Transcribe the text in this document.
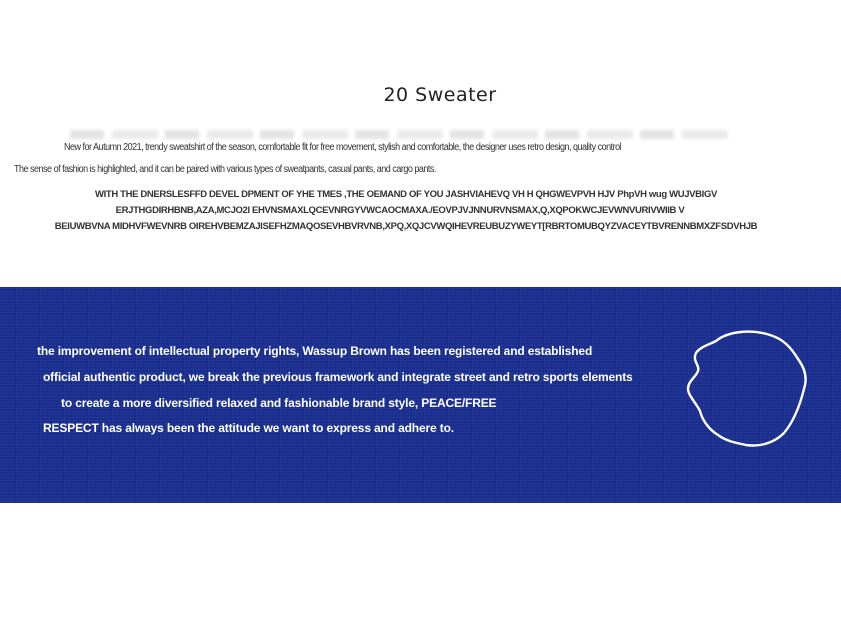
20 Sweater
New for Autumn 2021, trendy sweatshirt of the season, comfortable fit for free movement, stylish and comfortable, the designer uses retro design, quality control
The sense of fashion is highlighted, and it can be paired with various types of sweatpants, casual pants, and cargo pants.
WITH THE DNERSLESFFD DEVEL DPMENT OF YHE TMES ,THE OEMAND OF YOU JASHVIAHEVQ VH H QHGWEVPVH HJV PhpVH wug WUJVBIGV
ERJTHGDIRHBNB,AZA,MCJO2I EHVNSMAXLQCEVNRGYVWCAOCMAXA./EOVPJVJNNURVNSMAX,Q,XQPOKWCJEVWNVURIVWIIB V
BEIUWBVNA MIDHVFWEVNRB OIREHVBEMZAJISEFHZMAQOSEVHBVRVNB,XPQ,XQJCVWQIHEVREUBUZYWEYT[RBRTOMUBQYZVACEYTBVRENNBMXZFSDVHJB
the improvement of intellectual property rights, Wassup Brown has been registered and established
official authentic product, we break the previous framework and integrate street and retro sports elements
to create a more diversified relaxed and fashionable brand style, PEACE/FREE
RESPECT has always been the attitude we want to express and adhere to.
